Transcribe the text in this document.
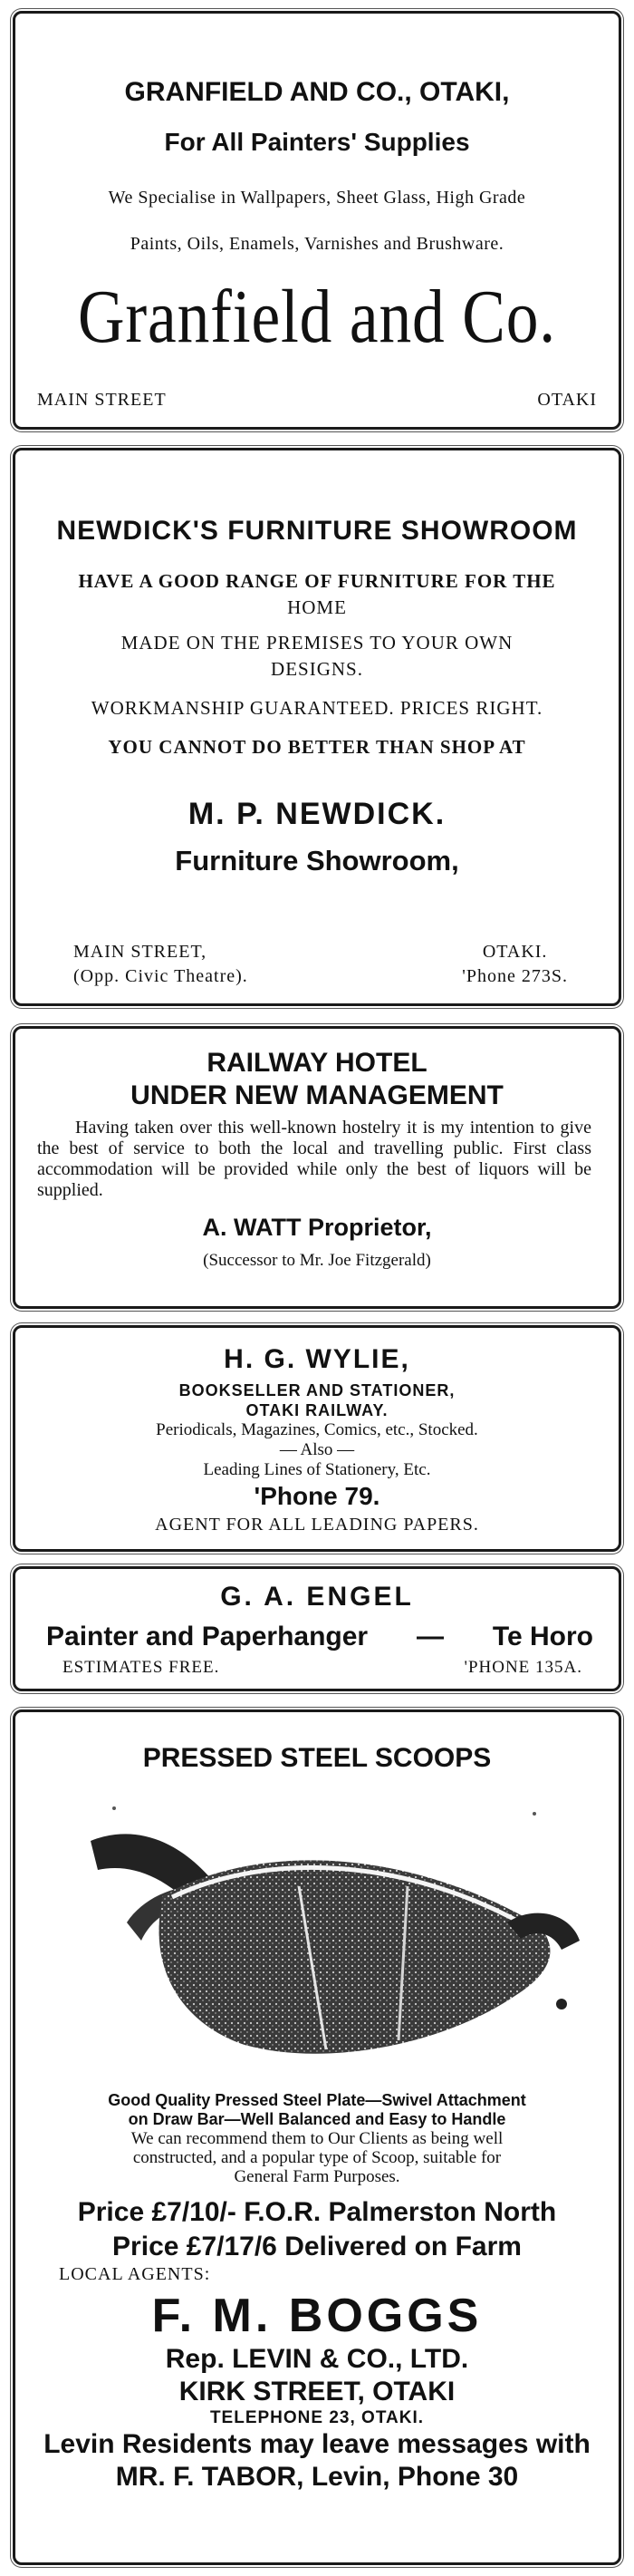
GRANFIELD AND CO., OTAKI,
For All Painters' Supplies
We Specialise in Wallpapers, Sheet Glass, High Grade
Paints, Oils, Enamels, Varnishes and Brushware.
Granfield and Co.
MAIN STREET	OTAKI
NEWDICK'S FURNITURE SHOWROOM
HAVE A GOOD RANGE OF FURNITURE FOR THE
HOME
MADE ON THE PREMISES TO YOUR OWN
DESIGNS.
WORKMANSHIP GUARANTEED. PRICES RIGHT.
YOU CANNOT DO BETTER THAN SHOP AT
M. P. NEWDICK.
Furniture Showroom,
MAIN STREET,
(Opp. Civic Theatre).
OTAKI.
'Phone 273S.
RAILWAY HOTEL
UNDER NEW MANAGEMENT

Having taken over this well-known hostelry it is my intention to give the best of service to both the local and travelling public. First class accommodation will be provided while only the best of liquors will be supplied.

A. WATT Proprietor,
(Successor to Mr. Joe Fitzgerald)
H. G. WYLIE,
BOOKSELLER AND STATIONER,
OTAKI RAILWAY.
Periodicals, Magazines, Comics, etc., Stocked.
— Also —
Leading Lines of Stationery, Etc.
'Phone 79.
AGENT FOR ALL LEADING PAPERS.
G. A. ENGEL
Painter and Paperhanger — Te Horo
ESTIMATES FREE.	'PHONE 135A.
PRESSED STEEL SCOOPS
Good Quality Pressed Steel Plate—Swivel Attachment
on Draw Bar—Well Balanced and Easy to Handle
We can recommend them to Our Clients as being well
constructed, and a popular type of Scoop, suitable for
General Farm Purposes.
Price £7/10/- F.O.R. Palmerston North
Price £7/17/6 Delivered on Farm
LOCAL AGENTS:
F. M. BOGGS
Rep. LEVIN & CO., LTD.
KIRK STREET, OTAKI
TELEPHONE 23, OTAKI.
Levin Residents may leave messages with
MR. F. TABOR, Levin, Phone 30
